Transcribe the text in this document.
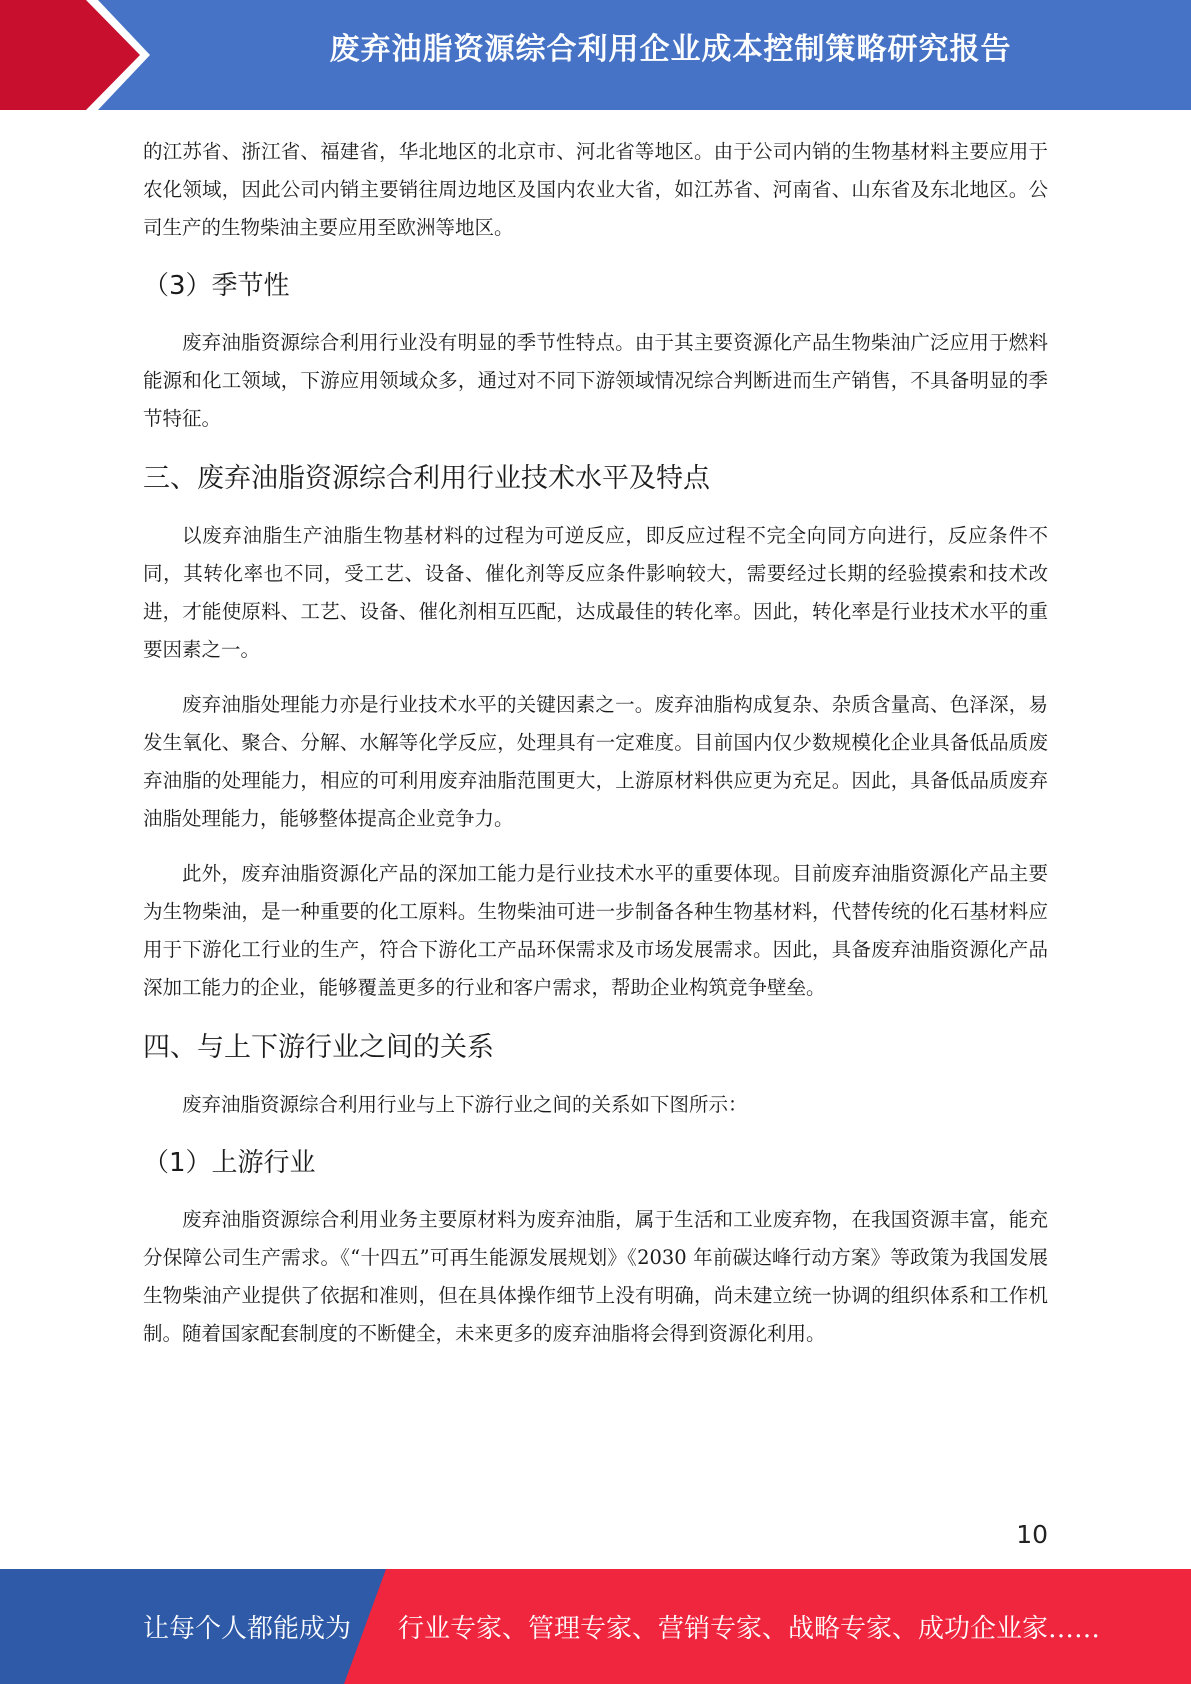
废弃油脂资源综合利用企业成本控制策略研究报告

的江苏省、浙江省、福建省，华北地区的北京市、河北省等地区。由于公司内销的生物基材料主要应用于农化领域，因此公司内销主要销往周边地区及国内农业大省，如江苏省、河南省、山东省及东北地区。公司生产的生物柴油主要应用至欧洲等地区。

（3）季节性

废弃油脂资源综合利用行业没有明显的季节性特点。由于其主要资源化产品生物柴油广泛应用于燃料能源和化工领域，下游应用领域众多，通过对不同下游领域情况综合判断进而生产销售，不具备明显的季节特征。

三、废弃油脂资源综合利用行业技术水平及特点

以废弃油脂生产油脂生物基材料的过程为可逆反应，即反应过程不完全向同方向进行，反应条件不同，其转化率也不同，受工艺、设备、催化剂等反应条件影响较大，需要经过长期的经验摸索和技术改进，才能使原料、工艺、设备、催化剂相互匹配，达成最佳的转化率。因此，转化率是行业技术水平的重要因素之一。

废弃油脂处理能力亦是行业技术水平的关键因素之一。废弃油脂构成复杂、杂质含量高、色泽深，易发生氧化、聚合、分解、水解等化学反应，处理具有一定难度。目前国内仅少数规模化企业具备低品质废弃油脂的处理能力，相应的可利用废弃油脂范围更大，上游原材料供应更为充足。因此，具备低品质废弃油脂处理能力，能够整体提高企业竞争力。

此外，废弃油脂资源化产品的深加工能力是行业技术水平的重要体现。目前废弃油脂资源化产品主要为生物柴油，是一种重要的化工原料。生物柴油可进一步制备各种生物基材料，代替传统的化石基材料应用于下游化工行业的生产，符合下游化工产品环保需求及市场发展需求。因此，具备废弃油脂资源化产品深加工能力的企业，能够覆盖更多的行业和客户需求，帮助企业构筑竞争壁垒。

四、与上下游行业之间的关系

废弃油脂资源综合利用行业与上下游行业之间的关系如下图所示：

（1）上游行业

废弃油脂资源综合利用业务主要原材料为废弃油脂，属于生活和工业废弃物，在我国资源丰富，能充分保障公司生产需求。《“十四五”可再生能源发展规划》《2030 年前碳达峰行动方案》等政策为我国发展生物柴油产业提供了依据和准则，但在具体操作细节上没有明确，尚未建立统一协调的组织体系和工作机制。随着国家配套制度的不断健全，未来更多的废弃油脂将会得到资源化利用。

10
让每个人都能成为 行业专家、管理专家、营销专家、战略专家、成功企业家……
